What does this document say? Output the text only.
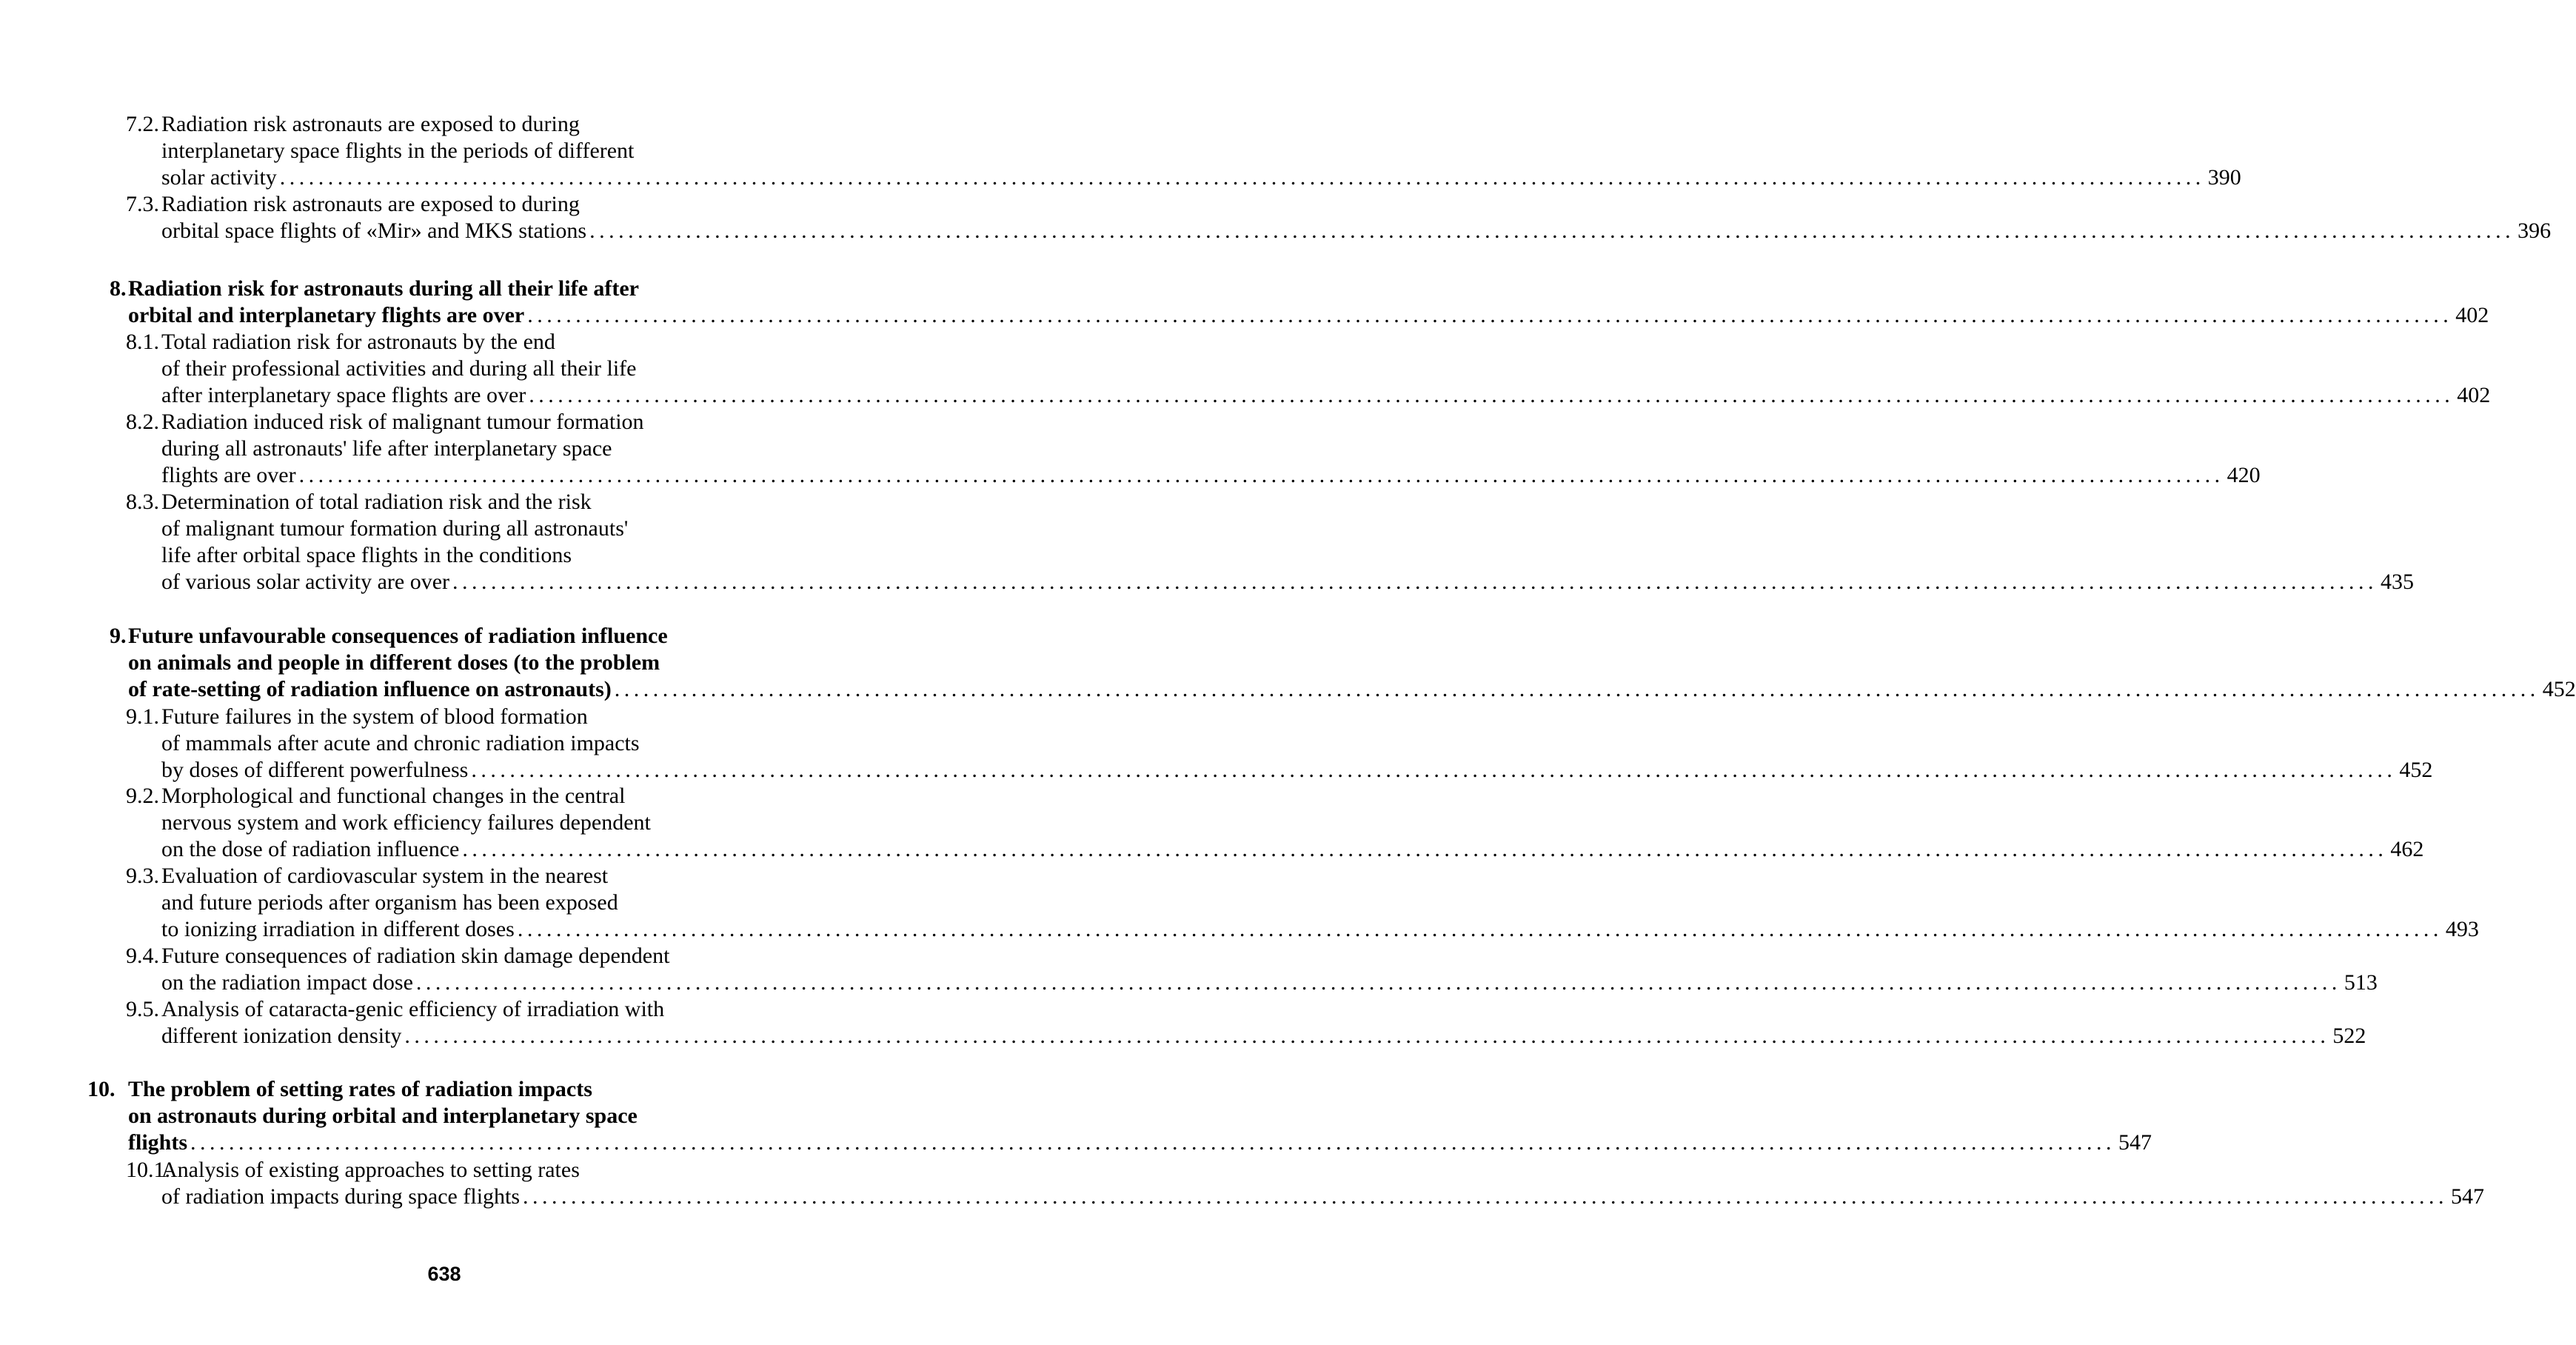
7.2. Radiation risk astronauts are exposed to during
interplanetary space flights in the periods of different
solar activity ........................................................................................................................................................................................................ 390
7.3. Radiation risk astronauts are exposed to during
orbital space flights of «Mir» and MKS stations ........................................................................................................................................................................................................ 396
8. Radiation risk for astronauts during all their life after
orbital and interplanetary flights are over ........................................................................................................................................................................................................ 402
8.1. Total radiation risk for astronauts by the end
of their professional activities and during all their life
after interplanetary space flights are over ........................................................................................................................................................................................................ 402
8.2. Radiation induced risk of malignant tumour formation
during all astronauts' life after interplanetary space
flights are over ........................................................................................................................................................................................................ 420
8.3. Determination of total radiation risk and the risk
of malignant tumour formation during all astronauts'
life after orbital space flights in the conditions
of various solar activity are over ........................................................................................................................................................................................................ 435
9. Future unfavourable consequences of radiation influence
on animals and people in different doses (to the problem
of rate-setting of radiation influence on astronauts) ........................................................................................................................................................................................................ 452
9.1. Future failures in the system of blood formation
of mammals after acute and chronic radiation impacts
by doses of different powerfulness ........................................................................................................................................................................................................ 452
9.2. Morphological and functional changes in the central
nervous system and work efficiency failures dependent
on the dose of radiation influence ........................................................................................................................................................................................................ 462
9.3. Evaluation of cardiovascular system in the nearest
and future periods after organism has been exposed
to ionizing irradiation in different doses ........................................................................................................................................................................................................ 493
9.4. Future consequences of radiation skin damage dependent
on the radiation impact dose ........................................................................................................................................................................................................ 513
9.5. Analysis of cataracta-genic efficiency of irradiation with
different ionization density ........................................................................................................................................................................................................ 522
10. The problem of setting rates of radiation impacts
on astronauts during orbital and interplanetary space
flights ........................................................................................................................................................................................................ 547
10.1.
Analysis of existing approaches to setting rates
of radiation impacts during space flights ........................................................................................................................................................................................................ 547
638
